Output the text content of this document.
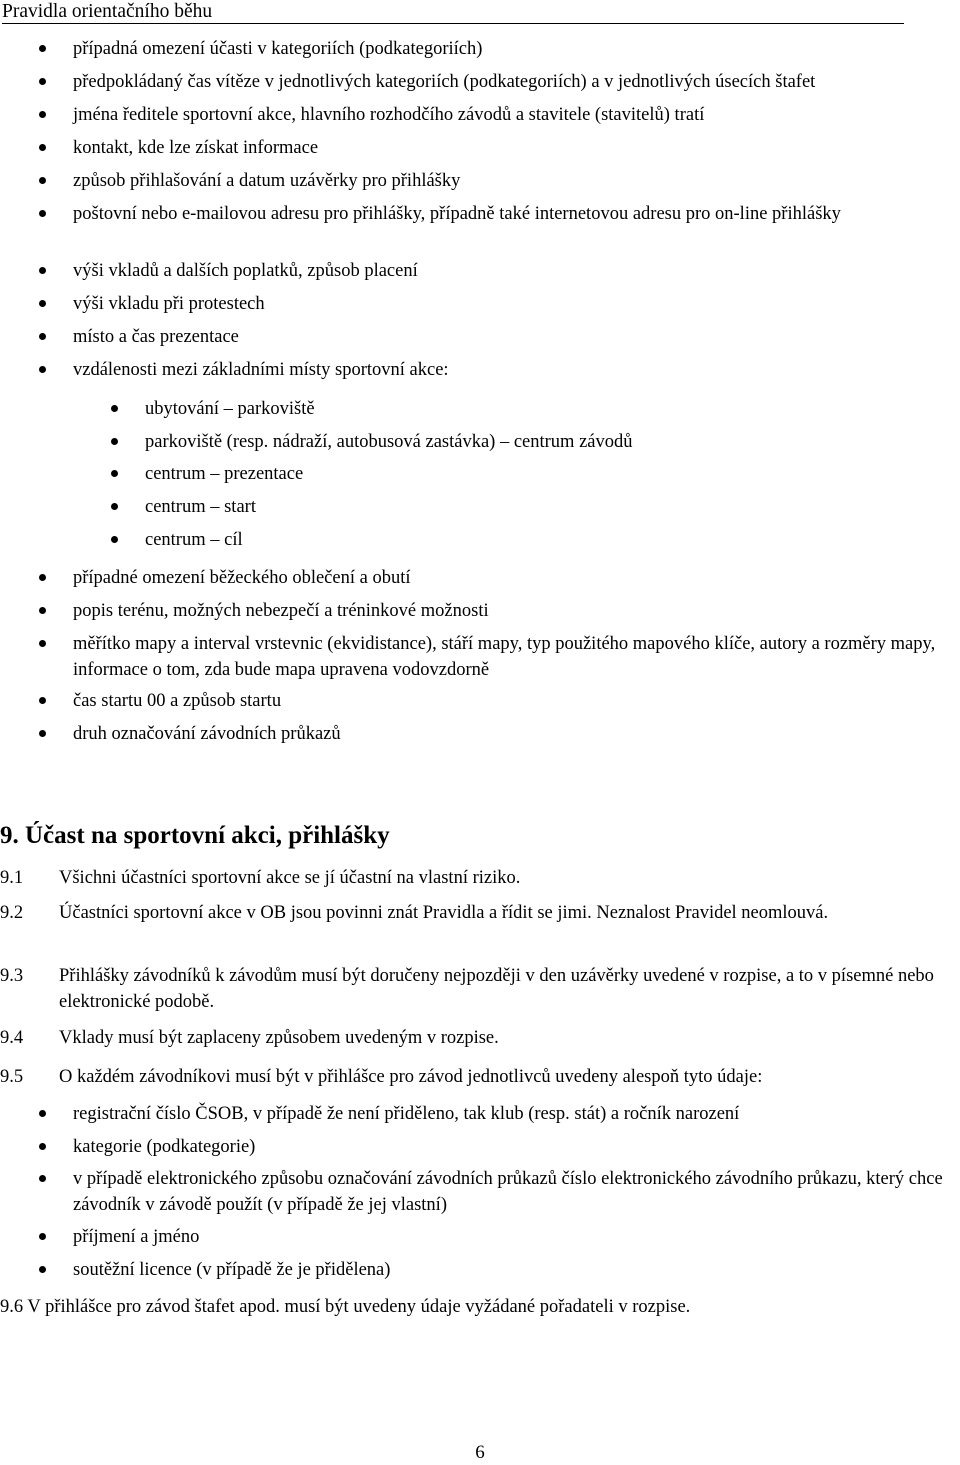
Pravidla orientačního běhu
případná omezení účasti v kategoriích (podkategoriích)
předpokládaný čas vítěze v jednotlivých kategoriích (podkategoriích) a v jednotlivých úsecích štafet
jména ředitele sportovní akce, hlavního rozhodčího závodů a stavitele (stavitelů) tratí
kontakt, kde lze získat informace
způsob přihlašování a datum uzávěrky pro přihlášky
poštovní nebo e-mailovou adresu pro přihlášky, případně také internetovou adresu pro on-line přihlášky
výši vkladů a dalších poplatků, způsob placení
výši vkladu při protestech
místo a čas prezentace
vzdálenosti mezi základními místy sportovní akce:
ubytování – parkoviště
parkoviště (resp. nádraží, autobusová zastávka) – centrum závodů
centrum – prezentace
centrum – start
centrum – cíl
případné omezení běžeckého oblečení a obutí
popis terénu, možných nebezpečí a tréninkové možnosti
měřítko mapy a interval vrstevnic (ekvidistance), stáří mapy, typ použitého mapového klíče, autory a rozměry mapy, informace o tom, zda bude mapa upravena vodovzdorně
čas startu 00 a způsob startu
druh označování závodních průkazů
9. Účast na sportovní akci, přihlášky
9.1 Všichni účastníci sportovní akce se jí účastní na vlastní riziko.
9.2 Účastníci sportovní akce v OB jsou povinni znát Pravidla a řídit se jimi. Neznalost Pravidel neomlouvá.
9.3 Přihlášky závodníků k závodům musí být doručeny nejpozději v den uzávěrky uvedené v rozpise, a to v písemné nebo elektronické podobě.
9.4 Vklady musí být zaplaceny způsobem uvedeným v rozpise.
9.5 O každém závodníkovi musí být v přihlášce pro závod jednotlivců uvedeny alespoň tyto údaje:
registrační číslo ČSOB, v případě že není přiděleno, tak klub (resp. stát) a ročník narození
kategorie (podkategorie)
v případě elektronického způsobu označování závodních průkazů číslo elektronického závodního průkazu, který chce závodník v závodě použít (v případě že jej vlastní)
příjmení a jméno
soutěžní licence (v případě že je přidělena)
9.6 V přihlášce pro závod štafet apod. musí být uvedeny údaje vyžádané pořadateli v rozpise.
6
